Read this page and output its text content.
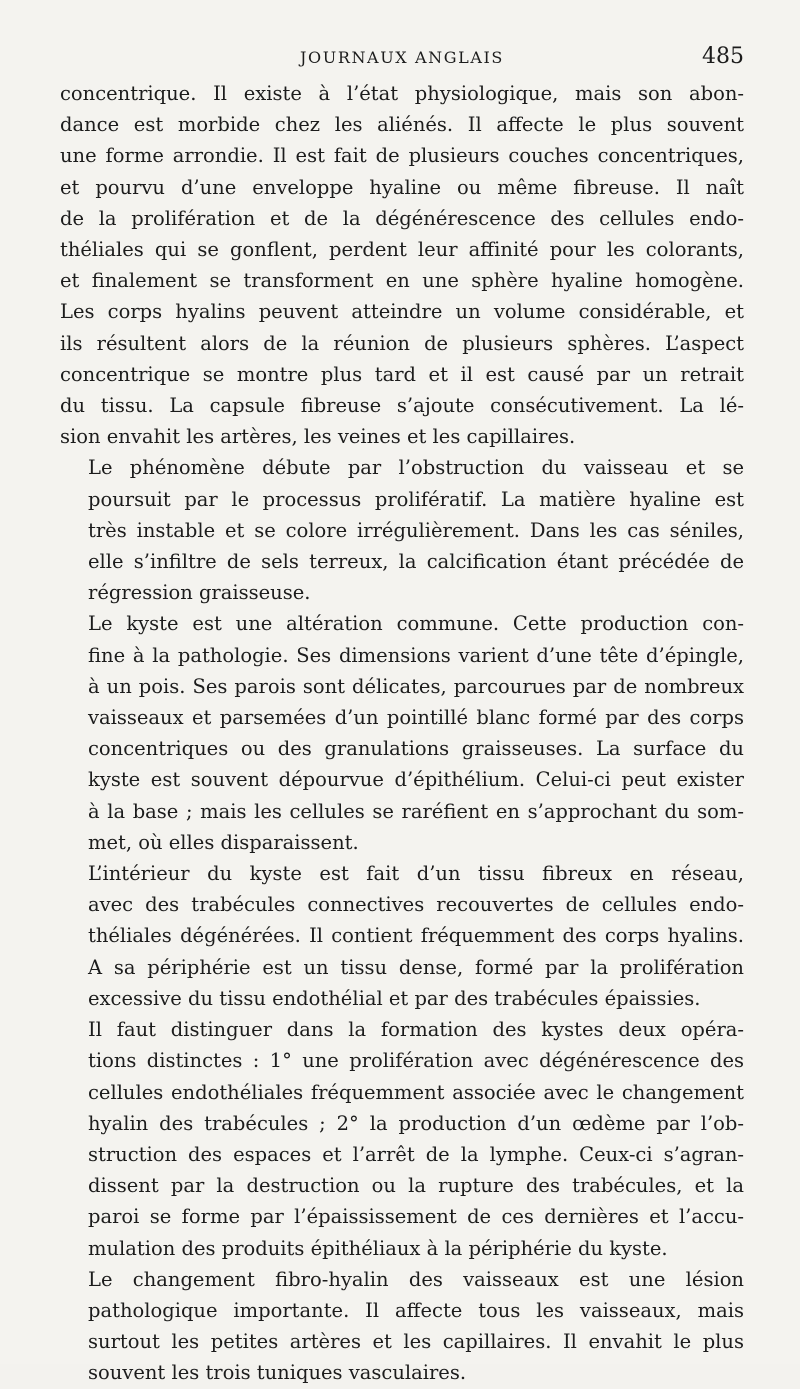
JOURNAUX ANGLAIS	485

concentrique. Il existe à l’état physiologique, mais son abon-
dance est morbide chez les aliénés. Il affecte le plus souvent
une forme arrondie. Il est fait de plusieurs couches concentriques,
et pourvu d’une enveloppe hyaline ou même fibreuse. Il naît
de la prolifération et de la dégénérescence des cellules endo-
théliales qui se gonflent, perdent leur affinité pour les colorants,
et finalement se transforment en une sphère hyaline homogène.
Les corps hyalins peuvent atteindre un volume considérable, et
ils résultent alors de la réunion de plusieurs sphères. L’aspect
concentrique se montre plus tard et il est causé par un retrait
du tissu. La capsule fibreuse s’ajoute consécutivement. La lé-
sion envahit les artères, les veines et les capillaires.

Le phénomène débute par l’obstruction du vaisseau et se
poursuit par le processus prolifératif. La matière hyaline est
très instable et se colore irrégulièrement. Dans les cas séniles,
elle s’infiltre de sels terreux, la calcification étant précédée de
régression graisseuse.

Le kyste est une altération commune. Cette production con-
fine à la pathologie. Ses dimensions varient d’une tête d’épingle,
à un pois. Ses parois sont délicates, parcourues par de nombreux
vaisseaux et parsemées d’un pointillé blanc formé par des corps
concentriques ou des granulations graisseuses. La surface du
kyste est souvent dépourvue d’épithélium. Celui-ci peut exister
à la base ; mais les cellules se raréfient en s’approchant du som-
met, où elles disparaissent.

L’intérieur du kyste est fait d’un tissu fibreux en réseau,
avec des trabécules connectives recouvertes de cellules endo-
théliales dégénérées. Il contient fréquemment des corps hyalins.
A sa périphérie est un tissu dense, formé par la prolifération
excessive du tissu endothélial et par des trabécules épaissies.

Il faut distinguer dans la formation des kystes deux opéra-
tions distinctes : 1° une prolifération avec dégénérescence des
cellules endothéliales fréquemment associée avec le changement
hyalin des trabécules ; 2° la production d’un œdème par l’ob-
struction des espaces et l’arrêt de la lymphe. Ceux-ci s’agran-
dissent par la destruction ou la rupture des trabécules, et la
paroi se forme par l’épaississement de ces dernières et l’accu-
mulation des produits épithéliaux à la périphérie du kyste.

Le changement fibro-hyalin des vaisseaux est une lésion
pathologique importante. Il affecte tous les vaisseaux, mais
surtout les petites artères et les capillaires. Il envahit le plus
souvent les trois tuniques vasculaires.
